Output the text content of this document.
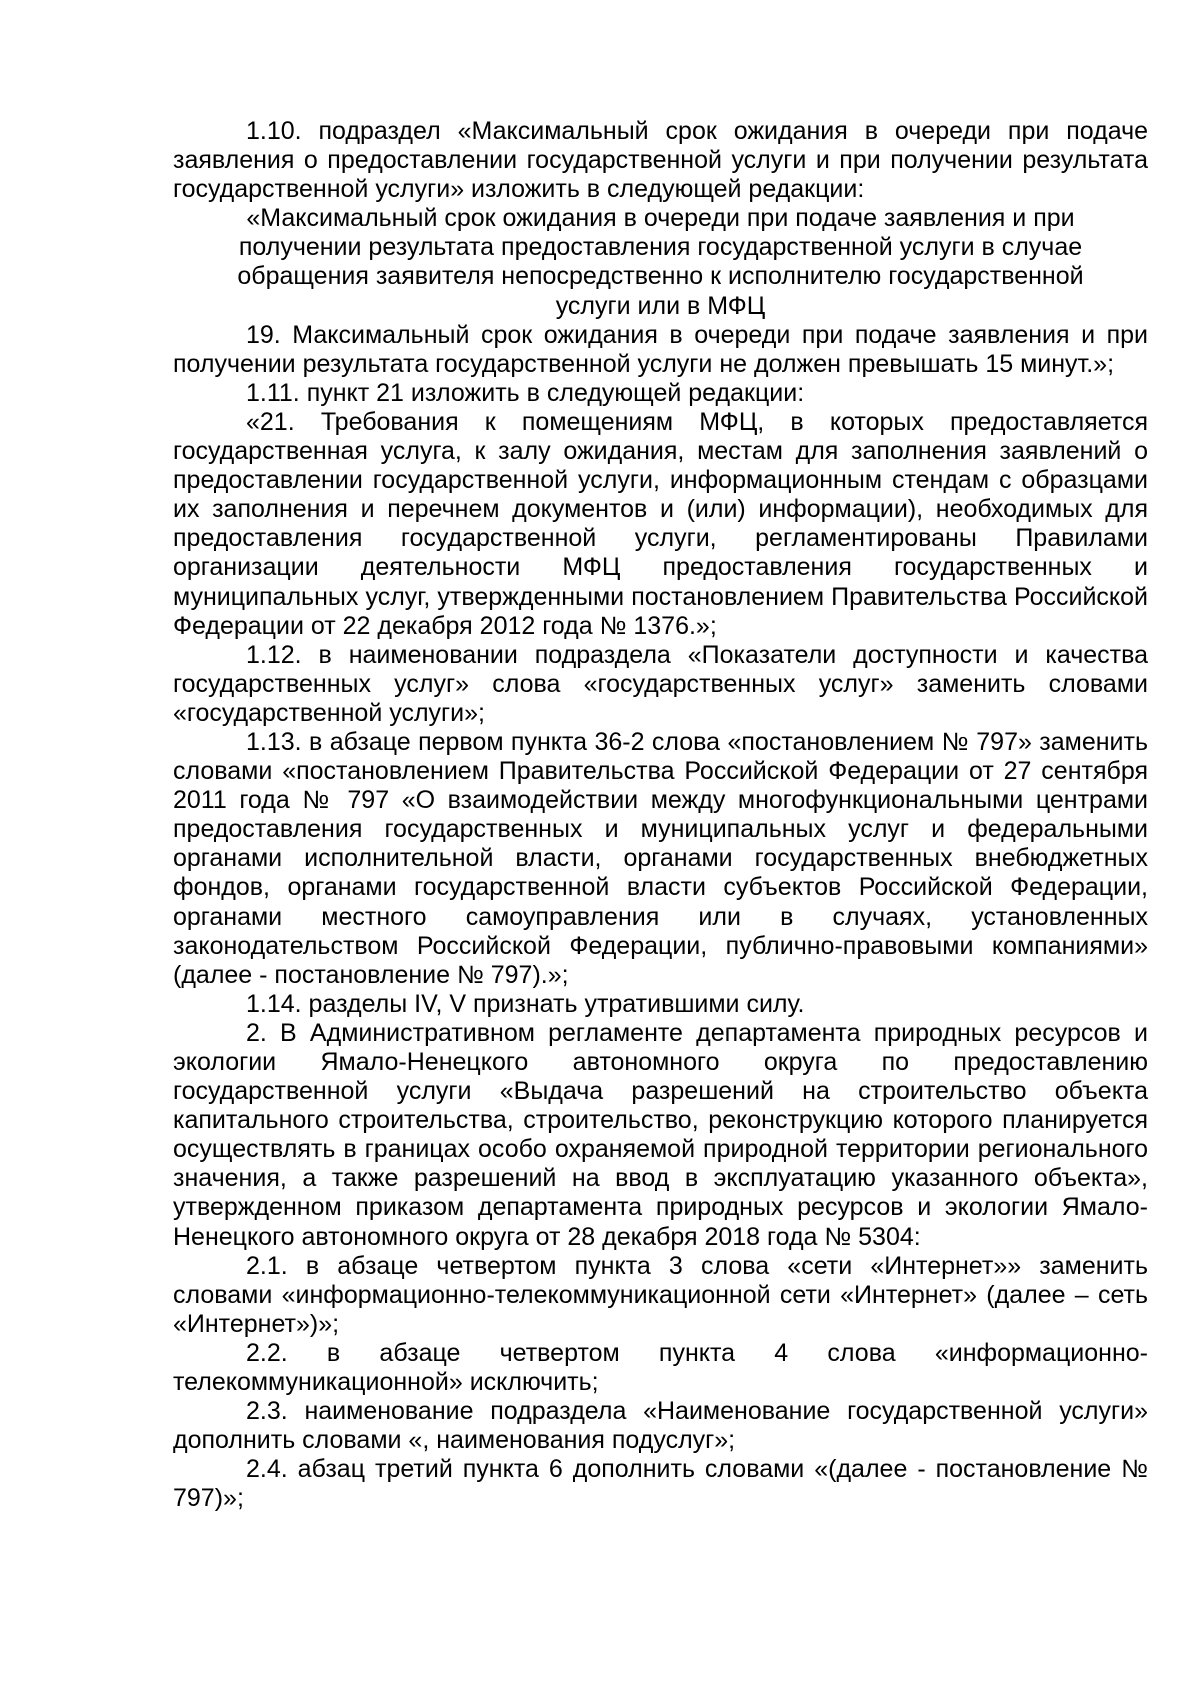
1.10. подраздел «Максимальный срок ожидания в очереди при подаче заявления о предоставлении государственной услуги и при получении результата государственной услуги» изложить в следующей редакции:

«Максимальный срок ожидания в очереди при подаче заявления и при получении результата предоставления государственной услуги в случае обращения заявителя непосредственно к исполнителю государственной услуги или в МФЦ

19. Максимальный срок ожидания в очереди при подаче заявления и при получении результата государственной услуги не должен превышать 15 минут.»;

1.11. пункт 21 изложить в следующей редакции:

«21. Требования к помещениям МФЦ, в которых предоставляется государственная услуга, к залу ожидания, местам для заполнения заявлений о предоставлении государственной услуги, информационным стендам с образцами их заполнения и перечнем документов и (или) информации), необходимых для предоставления государственной услуги, регламентированы Правилами организации деятельности МФЦ предоставления государственных и муниципальных услуг, утвержденными постановлением Правительства Российской Федерации от 22 декабря 2012 года № 1376.»;

1.12. в наименовании подраздела «Показатели доступности и качества государственных услуг» слова «государственных услуг» заменить словами «государственной услуги»;

1.13. в абзаце первом пункта 36-2 слова «постановлением № 797» заменить словами «постановлением Правительства Российской Федерации от 27 сентября 2011 года № 797 «О взаимодействии между многофункциональными центрами предоставления государственных и муниципальных услуг и федеральными органами исполнительной власти, органами государственных внебюджетных фондов, органами государственной власти субъектов Российской Федерации, органами местного самоуправления или в случаях, установленных законодательством Российской Федерации, публично-правовыми компаниями» (далее - постановление № 797).»;

1.14. разделы IV, V признать утратившими силу.

2. В Административном регламенте департамента природных ресурсов и экологии Ямало-Ненецкого автономного округа по предоставлению государственной услуги «Выдача разрешений на строительство объекта капитального строительства, строительство, реконструкцию которого планируется осуществлять в границах особо охраняемой природной территории регионального значения, а также разрешений на ввод в эксплуатацию указанного объекта», утвержденном приказом департамента природных ресурсов и экологии Ямало-Ненецкого автономного округа от 28 декабря 2018 года № 5304:

2.1. в абзаце четвертом пункта 3 слова «сети «Интернет»» заменить словами «информационно-телекоммуникационной сети «Интернет» (далее – сеть «Интернет»)»;

2.2. в абзаце четвертом пункта 4 слова «информационно-телекоммуникационной» исключить;

2.3. наименование подраздела «Наименование государственной услуги» дополнить словами «, наименования подуслуг»;

2.4. абзац третий пункта 6 дополнить словами «(далее - постановление № 797)»;
